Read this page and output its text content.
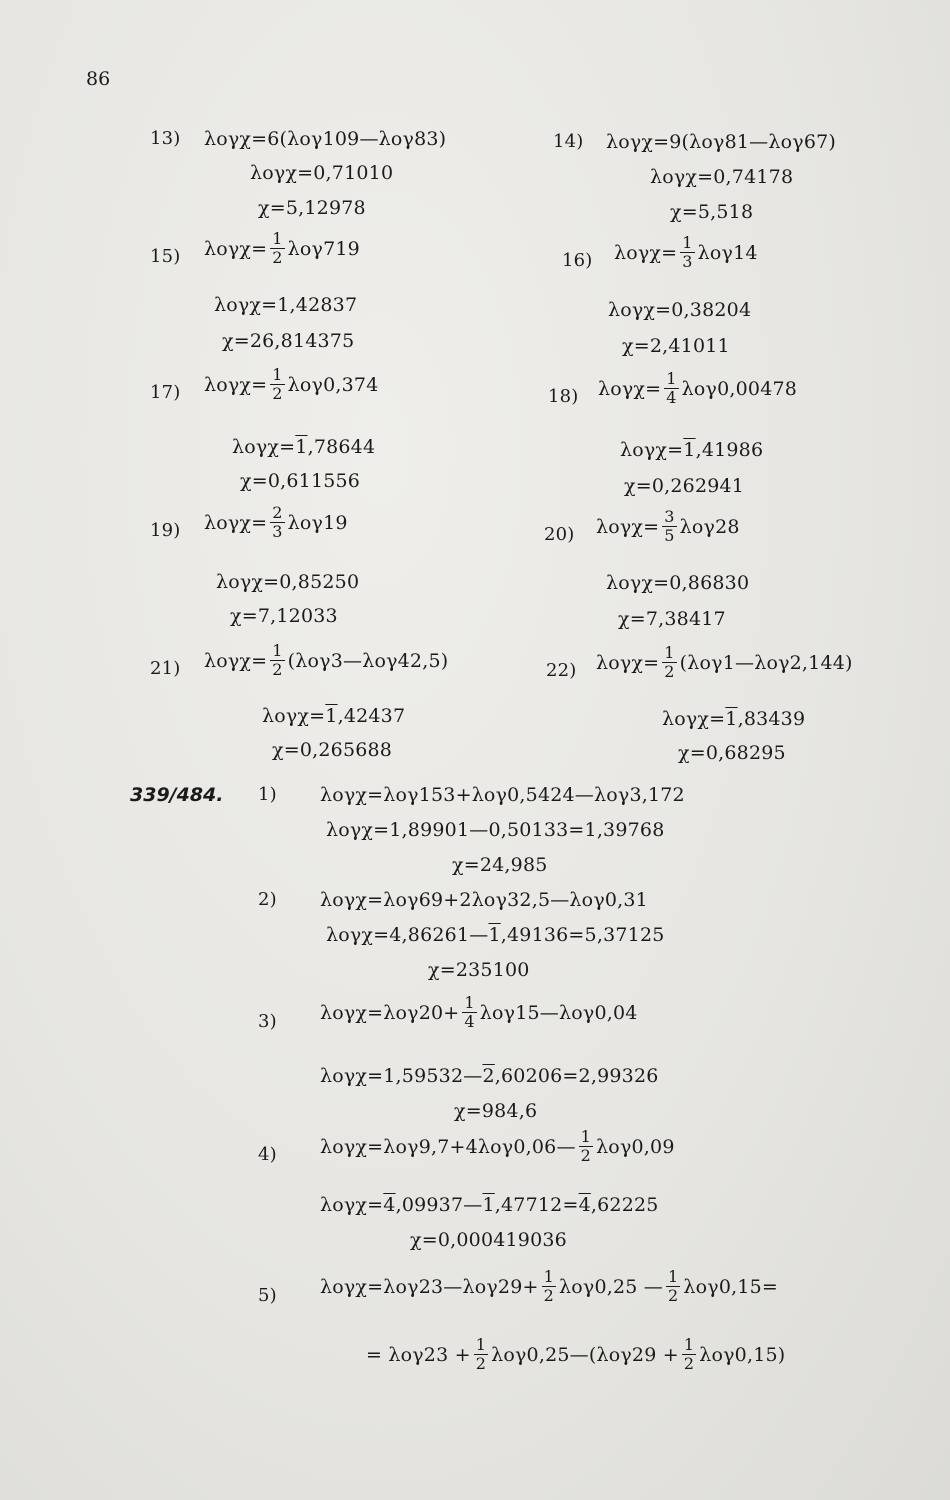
86
13) λογχ=6(λογ109—λογ83)
λογχ=0,71010
χ=5,12978
14) λογχ=9(λογ81—λογ67)
λογχ=0,74178
χ=5,518
15) $\lambda o\gamma\chi= \frac{1}{2} \lambda o\gamma 719$
λογχ=1,42837
χ=26,814375
16) $\lambda o\gamma\chi= \frac{1}{3} \lambda o\gamma 14$
λογχ=0,38204
χ=2,41011
17) $\lambda o\gamma\chi= \frac{1}{2} \lambda o\gamma 0,374$
λογχ=1,78644
χ=0,611556
18) $\lambda o\gamma\chi= \frac{1}{4} \lambda o\gamma 0,00478$
λογχ=1,41986
χ=0,262941
19) $\lambda o\gamma\chi= \frac{2}{3} \lambda o\gamma 19$
λογχ=0,85250
χ=7,12033
20) $\lambda o\gamma\chi= \frac{3}{5} \lambda o\gamma 28$
λογχ=0,86830
χ=7,38417
21) $\lambda o\gamma\chi= \frac{1}{2}$ (λογ3—λογ42,5)
λογχ=1,42437
χ=0,265688
22) $\lambda o\gamma\chi= \frac{1}{2}$ (λογ1—λογ2,144)
λογχ=1,83439
χ=0,68295
339/484. 1) λογχ=λογ153+λογ0,5424—λογ3,172
λογχ=1,89901—0,50133=1,39768
χ=24,985
2) λογχ=λογ69+2λογ32,5—λογ0,31
λογχ=4,86261—1,49136=5,37125
χ=235100
3) $\lambda o\gamma\chi=\lambda o\gamma 20+ \frac{1}{4}$ λογ15—λογ0,04
λογχ=1,59532—2,60206=2,99326
χ=984,6
4) λογχ=λογ9,7+4λογ0,06— $\frac{1}{2} \lambda o\gamma 0,09$
λογχ=4,09937—1,47712=4,62225
χ=0,000419036
5) λογχ=λογ23—λογ29+ $\frac{1}{2} \lambda o\gamma 0,25$ — $\frac{1}{2} \lambda o\gamma 0,15=$
= $\lambda o\gamma 23 + \frac{1}{2}$ λογ0,25—(λογ29 + $\frac{1}{2} \lambda o\gamma 0,15$)
